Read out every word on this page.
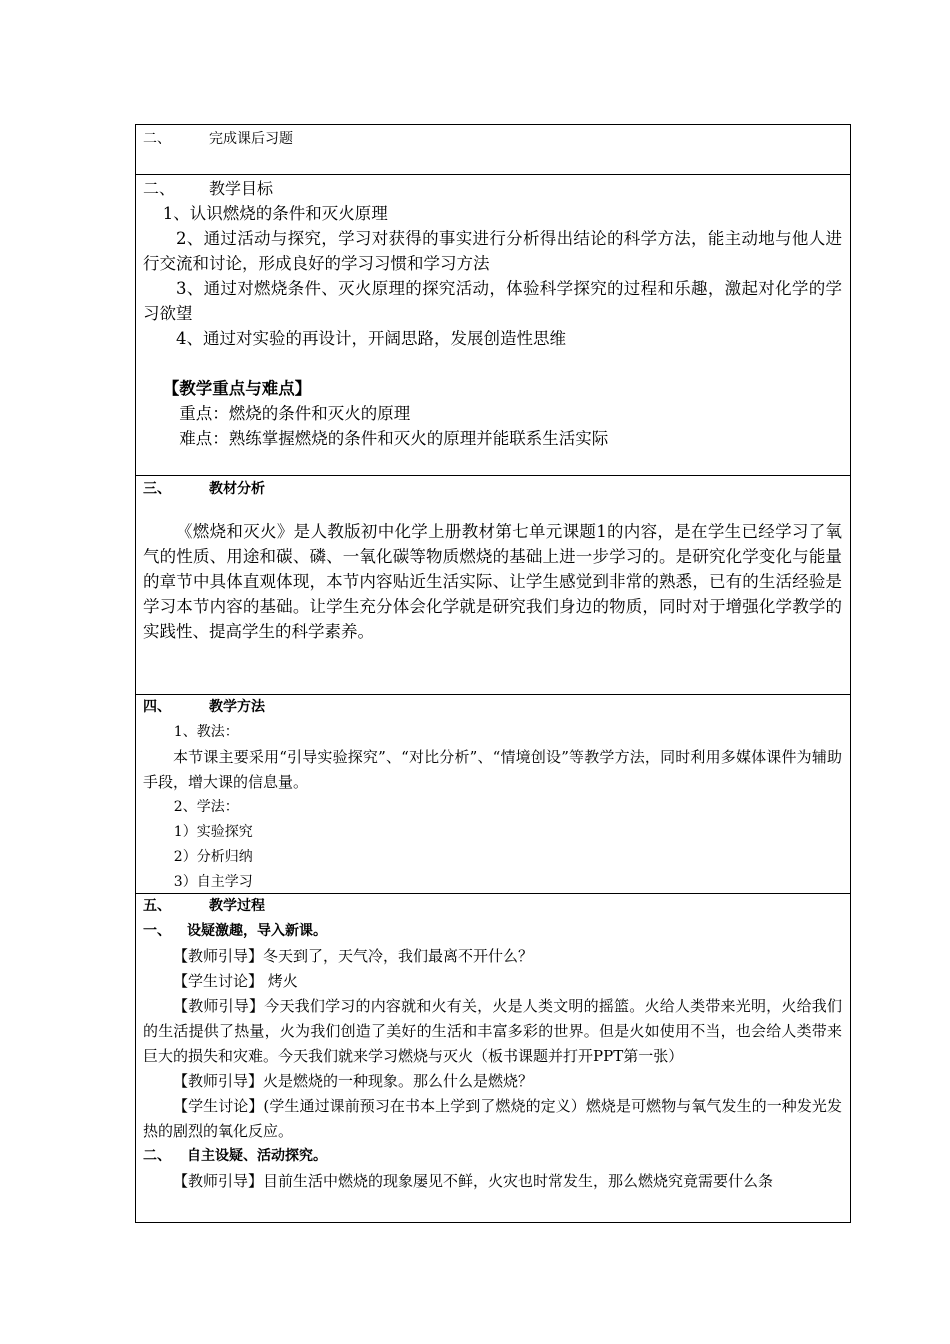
二、	完成课后习题
二、 教学目标
1、认识燃烧的条件和灭火原理
2、通过活动与探究，学习对获得的事实进行分析得出结论的科学方法，能主动地与他人进行交流和讨论，形成良好的学习习惯和学习方法
3、通过对燃烧条件、灭火原理的探究活动，体验科学探究的过程和乐趣，激起对化学的学习欲望
4、通过对实验的再设计，开阔思路，发展创造性思维
【教学重点与难点】
重点：燃烧的条件和灭火的原理
难点：熟练掌握燃烧的条件和灭火的原理并能联系生活实际
三、	教材分析
《燃烧和灭火》是人教版初中化学上册教材第七单元课题1的内容，是在学生已经学习了氧气的性质、用途和碳、磷、一氧化碳等物质燃烧的基础上进一步学习的。是研究化学变化与能量的章节中具体直观体现，本节内容贴近生活实际、让学生感觉到非常的熟悉，已有的生活经验是学习本节内容的基础。让学生充分体会化学就是研究我们身边的物质，同时对于增强化学教学的实践性、提高学生的科学素养。
四、	教学方法
1、教法：
本节课主要采用“引导实验探究”、“对比分析”、“情境创设”等教学方法，同时利用多媒体课件为辅助手段，增大课的信息量。
2、学法：
1）实验探究
2）分析归纳
3）自主学习
五、	教学过程
一、 设疑激趣，导入新课。
【教师引导】冬天到了，天气冷，我们最离不开什么？
【学生讨论】 烤火
【教师引导】今天我们学习的内容就和火有关，火是人类文明的摇篮。火给人类带来光明，火给我们的生活提供了热量，火为我们创造了美好的生活和丰富多彩的世界。但是火如使用不当，也会给人类带来巨大的损失和灾难。今天我们就来学习燃烧与灭火（板书课题并打开PPT第一张）
【教师引导】火是燃烧的一种现象。那么什么是燃烧？
【学生讨论】(学生通过课前预习在书本上学到了燃烧的定义）燃烧是可燃物与氧气发生的一种发光发热的剧烈的氧化反应。
二、 自主设疑、活动探究。
【教师引导】目前生活中燃烧的现象屡见不鲜，火灾也时常发生，那么燃烧究竟需要什么条
